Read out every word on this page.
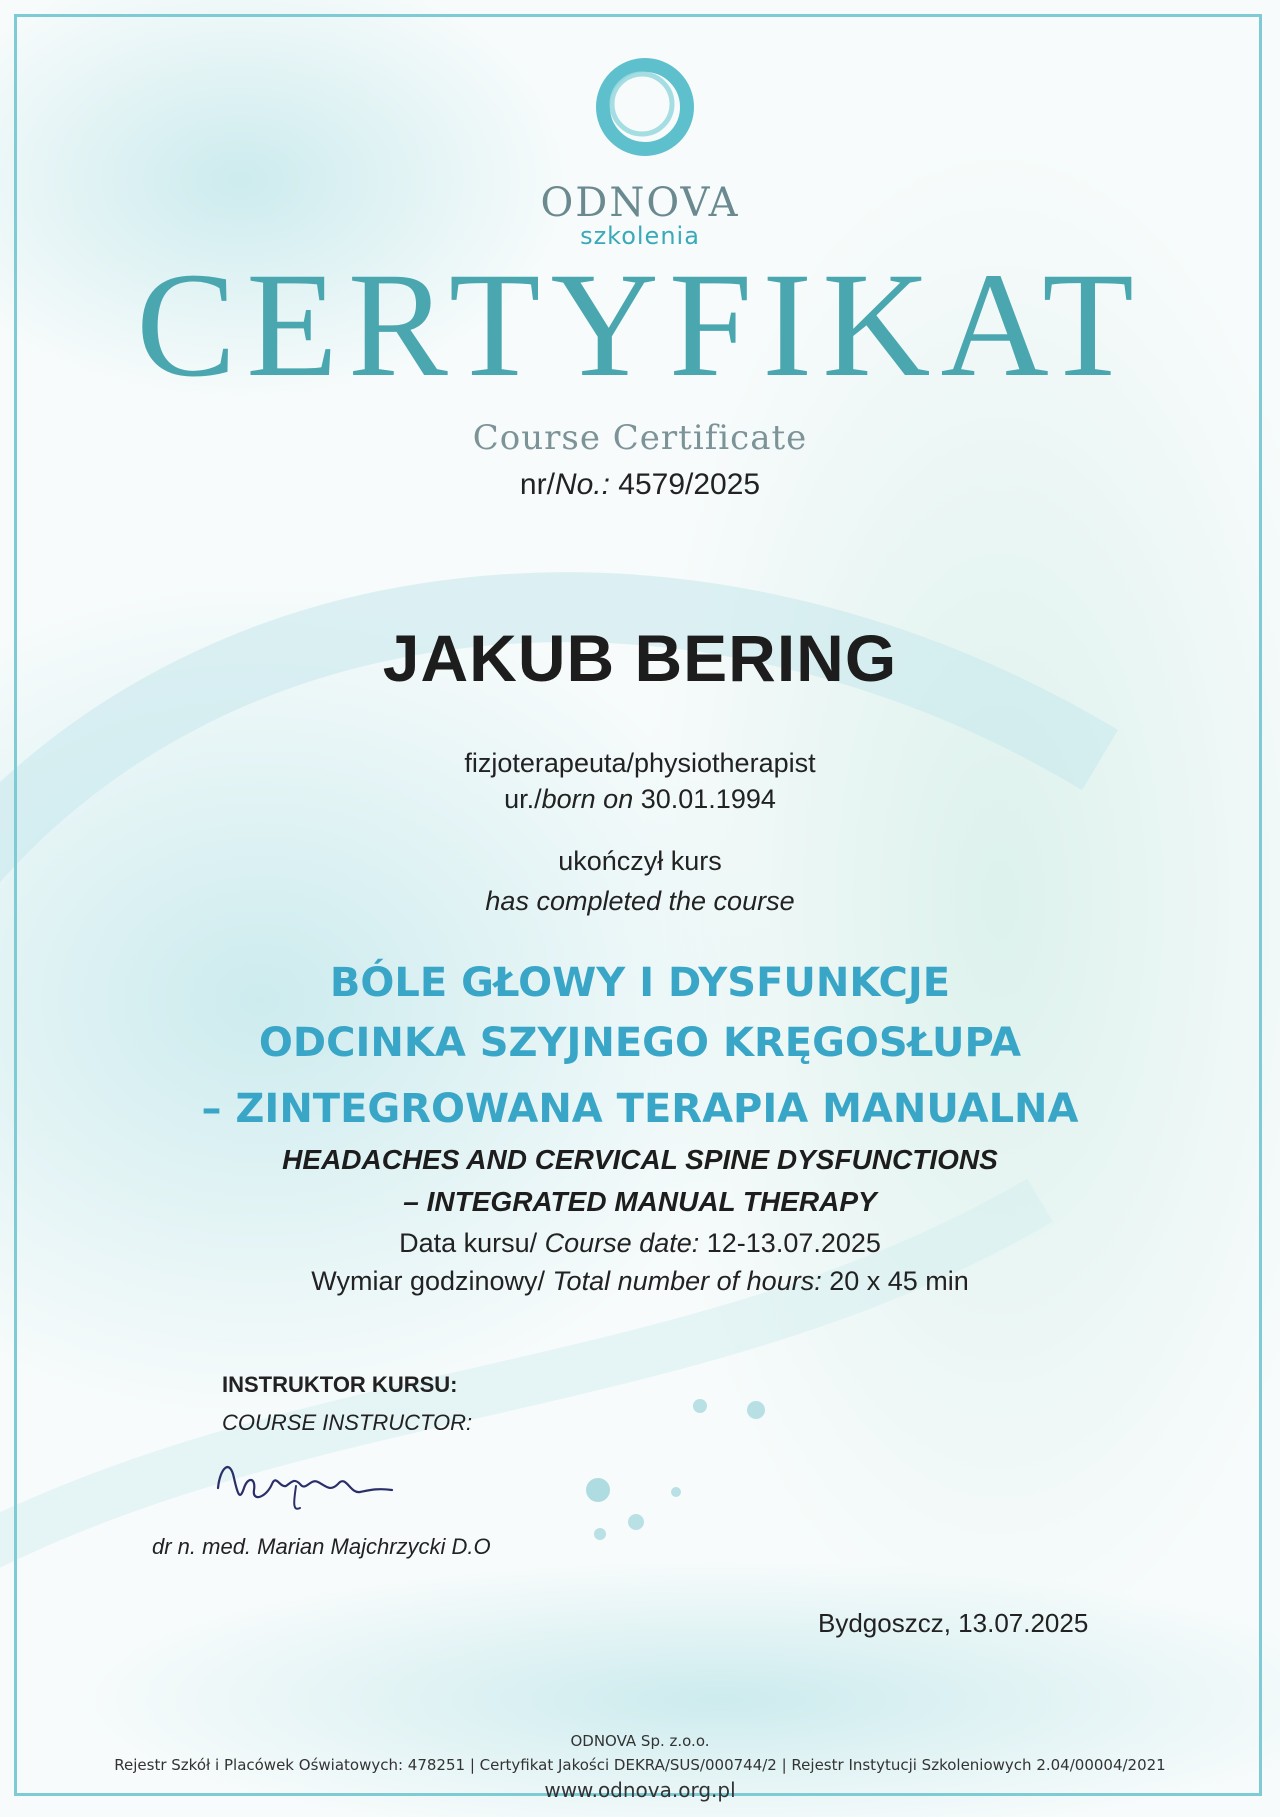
ODNOVA
szkolenia
CERTYFIKAT
Course Certificate
nr/No.: 4579/2025
JAKUB BERING
fizjoterapeuta/physiotherapist
ur./born on 30.01.1994
ukończył kurs
has completed the course
BÓLE GŁOWY I DYSFUNKCJE
ODCINKA SZYJNEGO KRĘGOSŁUPA
– ZINTEGROWANA TERAPIA MANUALNA
HEADACHES AND CERVICAL SPINE DYSFUNCTIONS
– INTEGRATED MANUAL THERAPY
Data kursu/ Course date: 12-13.07.2025
Wymiar godzinowy/ Total number of hours: 20 x 45 min
INSTRUKTOR KURSU:
COURSE INSTRUCTOR:
dr n. med. Marian Majchrzycki D.O
Bydgoszcz, 13.07.2025
ODNOVA Sp. z.o.o.
Rejestr Szkół i Placówek Oświatowych: 478251 | Certyfikat Jakości DEKRA/SUS/000744/2 | Rejestr Instytucji Szkoleniowych 2.04/00004/2021
www.odnova.org.pl
